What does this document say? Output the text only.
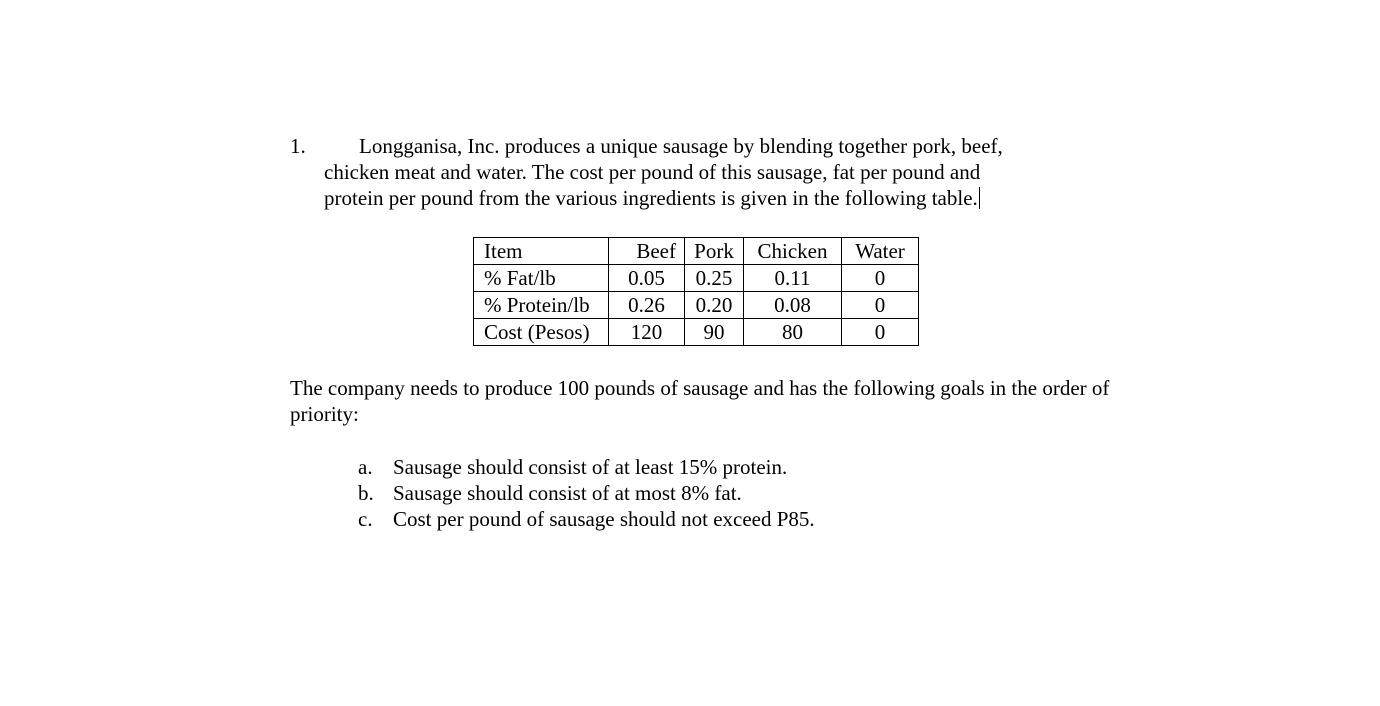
1.	Longganisa, Inc. produces a unique sausage by blending together pork, beef,
chicken meat and water. The cost per pound of this sausage, fat per pound and
protein per pound from the various ingredients is given in the following table.
Item	Beef	Pork	Chicken	Water
% Fat/lb	0.05	0.25	0.11	0
% Protein/lb	0.26	0.20	0.08	0
Cost (Pesos)	120	90	80	0
The company needs to produce 100 pounds of sausage and has the following goals in the order of priority:
a. Sausage should consist of at least 15% protein.
b. Sausage should consist of at most 8% fat.
c. Cost per pound of sausage should not exceed P85.
